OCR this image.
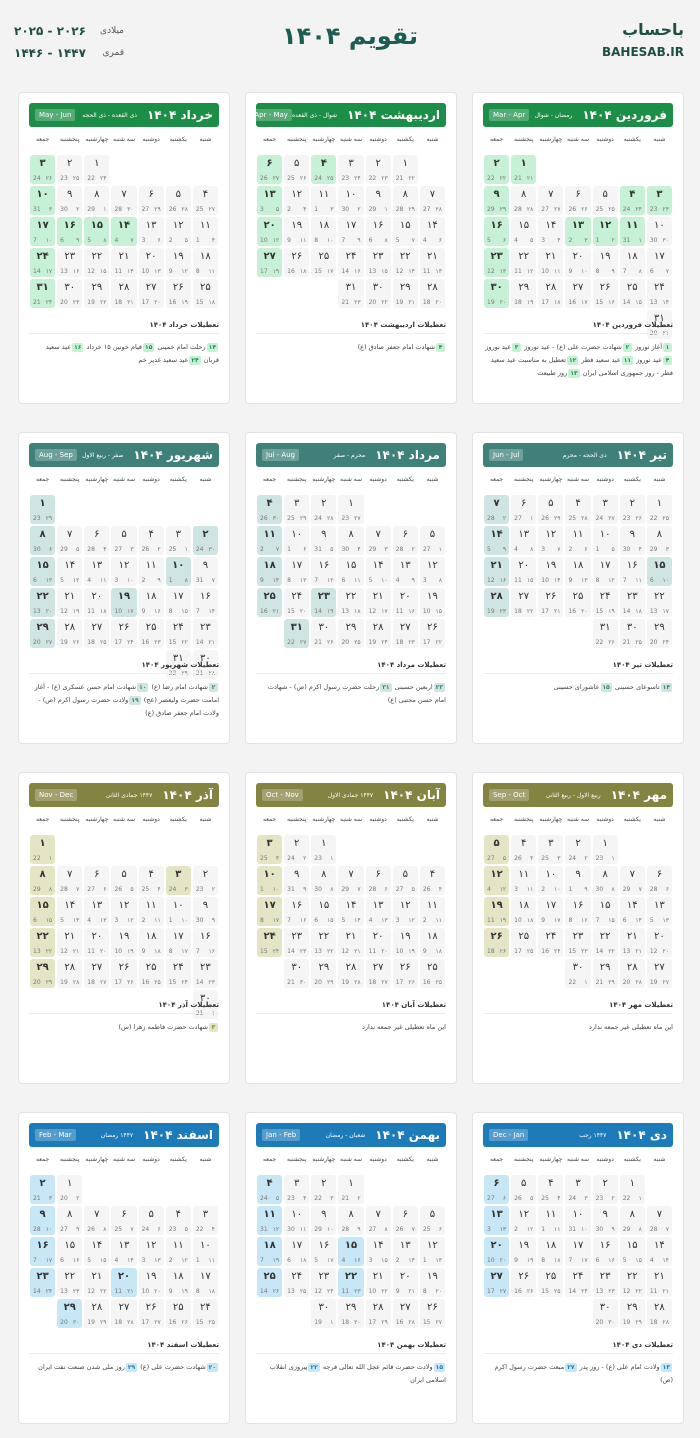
باحساب
BAHESAB.IR
تقویم ۱۴۰۴
۲۰۲۵ - ۲۰۲۶ میلادی
۱۴۴۶ - ۱۴۴۷ قمری
فروردین ۱۴۰۴
رمضان - شوال
Mar - Apr
شنبه
یکشنبه
دوشنبه
سه شنبه
چهارشنبه
پنجشنبه
جمعه
۱
۲۱
21
۲
۲۲
22
۳
۲۳
23
۴
۲۴
24
۵
۲۵
25
۶
۲۶
26
۷
۲۷
27
۸
۲۸
28
۹
۲۹
29
۱۰
۳۰
30
۱۱
۱
31
۱۲
۲
1
۱۳
۳
2
۱۴
۴
3
۱۵
۵
4
۱۶
۶
5
۱۷
۷
6
۱۸
۸
7
۱۹
۹
8
۲۰
۱۰
9
۲۱
۱۱
10
۲۲
۱۲
11
۲۳
۱۳
12
۲۴
۱۴
13
۲۵
۱۵
14
۲۶
۱۶
15
۲۷
۱۷
16
۲۸
۱۸
17
۲۹
۱۹
18
۳۰
۲۰
19
۳۱
۲۱
20
تعطیلات فروردین ۱۴۰۴
۱آغاز نوروز ۲شهادت حضرت علی (ع) - عید نوروز ۳عید نوروز ۴عید نوروز ۱۱عید سعید فطر ۱۲تعطیل به مناسبت عید سعید فطر - روز جمهوری اسلامی ایران ۱۳روز طبیعت
اردیبهشت ۱۴۰۴
شوال - ذی القعده
Apr - May
شنبه
یکشنبه
دوشنبه
سه شنبه
چهارشنبه
پنجشنبه
جمعه
۱
۲۲
21
۲
۲۳
22
۳
۲۴
23
۴
۲۵
24
۵
۲۶
25
۶
۲۷
26
۷
۲۸
27
۸
۲۹
28
۹
۱
29
۱۰
۲
30
۱۱
۳
1
۱۲
۴
2
۱۳
۵
3
۱۴
۶
4
۱۵
۷
5
۱۶
۸
6
۱۷
۹
7
۱۸
۱۰
8
۱۹
۱۱
9
۲۰
۱۲
10
۲۱
۱۳
11
۲۲
۱۴
12
۲۳
۱۵
13
۲۴
۱۶
14
۲۵
۱۷
15
۲۶
۱۸
16
۲۷
۱۹
17
۲۸
۲۰
18
۲۹
۲۱
19
۳۰
۲۲
20
۳۱
۲۳
21
تعطیلات اردیبهشت ۱۴۰۴
۴شهادت امام جعفر صادق (ع)
خرداد ۱۴۰۴
ذی القعده - ذی الحجه
May - Jun
شنبه
یکشنبه
دوشنبه
سه شنبه
چهارشنبه
پنجشنبه
جمعه
۱
۲۴
22
۲
۲۵
23
۳
۲۶
24
۴
۲۷
25
۵
۲۸
26
۶
۲۹
27
۷
۳۰
28
۸
۱
29
۹
۲
30
۱۰
۳
31
۱۱
۴
1
۱۲
۵
2
۱۳
۶
3
۱۴
۷
4
۱۵
۸
5
۱۶
۹
6
۱۷
۱۰
7
۱۸
۱۱
8
۱۹
۱۲
9
۲۰
۱۳
10
۲۱
۱۴
11
۲۲
۱۵
12
۲۳
۱۶
13
۲۴
۱۷
14
۲۵
۱۸
15
۲۶
۱۹
16
۲۷
۲۰
17
۲۸
۲۱
18
۲۹
۲۲
19
۳۰
۲۳
20
۳۱
۲۴
21
تعطیلات خرداد ۱۴۰۴
۱۴رحلت امام خمینی ۱۵قیام خونین ۱۵ خرداد ۱۶عید سعید قربان ۲۴عید سعید غدیر خم
تیر ۱۴۰۴
ذی الحجه - محرم
Jun - Jul
شنبه
یکشنبه
دوشنبه
سه شنبه
چهارشنبه
پنجشنبه
جمعه
۱
۲۵
22
۲
۲۶
23
۳
۲۷
24
۴
۲۸
25
۵
۲۹
26
۶
۱
27
۷
۲
28
۸
۳
29
۹
۴
30
۱۰
۵
1
۱۱
۶
2
۱۲
۷
3
۱۳
۸
4
۱۴
۹
5
۱۵
۱۰
6
۱۶
۱۱
7
۱۷
۱۲
8
۱۸
۱۳
9
۱۹
۱۴
10
۲۰
۱۵
11
۲۱
۱۶
12
۲۲
۱۷
13
۲۳
۱۸
14
۲۴
۱۹
15
۲۵
۲۰
16
۲۶
۲۱
17
۲۷
۲۲
18
۲۸
۲۳
19
۲۹
۲۴
20
۳۰
۲۵
21
۳۱
۲۶
22
تعطیلات تیر ۱۴۰۴
۱۴تاسوعای حسینی ۱۵عاشورای حسینی
مرداد ۱۴۰۴
محرم - صفر
Jul - Aug
شنبه
یکشنبه
دوشنبه
سه شنبه
چهارشنبه
پنجشنبه
جمعه
۱
۲۷
23
۲
۲۸
24
۳
۲۹
25
۴
۳۰
26
۵
۱
27
۶
۲
28
۷
۳
29
۸
۴
30
۹
۵
31
۱۰
۶
1
۱۱
۷
2
۱۲
۸
3
۱۳
۹
4
۱۴
۱۰
5
۱۵
۱۱
6
۱۶
۱۲
7
۱۷
۱۳
8
۱۸
۱۴
9
۱۹
۱۵
10
۲۰
۱۶
11
۲۱
۱۷
12
۲۲
۱۸
13
۲۳
۱۹
14
۲۴
۲۰
15
۲۵
۲۱
16
۲۶
۲۲
17
۲۷
۲۳
18
۲۸
۲۴
19
۲۹
۲۵
20
۳۰
۲۶
21
۳۱
۲۷
22
تعطیلات مرداد ۱۴۰۴
۲۳اربعین حسینی ۳۱رحلت حضرت رسول اکرم (ص) - شهادت امام حسن مجتبی (ع)
شهریور ۱۴۰۴
صفر - ربیع الاول
Aug - Sep
شنبه
یکشنبه
دوشنبه
سه شنبه
چهارشنبه
پنجشنبه
جمعه
۱
۲۹
23
۲
۳۰
24
۳
۱
25
۴
۲
26
۵
۳
27
۶
۴
28
۷
۵
29
۸
۶
30
۹
۷
31
۱۰
۸
1
۱۱
۹
2
۱۲
۱۰
3
۱۳
۱۱
4
۱۴
۱۲
5
۱۵
۱۳
6
۱۶
۱۴
7
۱۷
۱۵
8
۱۸
۱۶
9
۱۹
۱۷
10
۲۰
۱۸
11
۲۱
۱۹
12
۲۲
۲۰
13
۲۳
۲۱
14
۲۴
۲۲
15
۲۵
۲۳
16
۲۶
۲۴
17
۲۷
۲۵
18
۲۸
۲۶
19
۲۹
۲۷
20
۳۰
۲۸
21
۳۱
۲۹
22
تعطیلات شهریور ۱۴۰۴
۲شهادت امام رضا (ع) ۱۰شهادت امام حسن عسکری (ع) - آغاز امامت حضرت ولیعصر (عج) ۱۹ولادت حضرت رسول اکرم (ص) - ولادت امام جعفر صادق (ع)
مهر ۱۴۰۴
ربیع الاول - ربیع الثانی
Sep - Oct
شنبه
یکشنبه
دوشنبه
سه شنبه
چهارشنبه
پنجشنبه
جمعه
۱
۱
23
۲
۲
24
۳
۳
25
۴
۴
26
۵
۵
27
۶
۶
28
۷
۷
29
۸
۸
30
۹
۹
1
۱۰
۱۰
2
۱۱
۱۱
3
۱۲
۱۲
4
۱۳
۱۳
5
۱۴
۱۴
6
۱۵
۱۵
7
۱۶
۱۶
8
۱۷
۱۷
9
۱۸
۱۸
10
۱۹
۱۹
11
۲۰
۲۰
12
۲۱
۲۱
13
۲۲
۲۲
14
۲۳
۲۳
15
۲۴
۲۴
16
۲۵
۲۵
17
۲۶
۲۶
18
۲۷
۲۷
19
۲۸
۲۸
20
۲۹
۲۹
21
۳۰
۱
22
تعطیلات مهر ۱۴۰۴
این ماه تعطیلی غیر جمعه ندارد
آبان ۱۴۰۴
۱۴۴۷ جمادی الاول
Oct - Nov
شنبه
یکشنبه
دوشنبه
سه شنبه
چهارشنبه
پنجشنبه
جمعه
۱
۱
23
۲
۲
24
۳
۳
25
۴
۴
26
۵
۵
27
۶
۶
28
۷
۷
29
۸
۸
30
۹
۹
31
۱۰
۱۰
1
۱۱
۱۱
2
۱۲
۱۲
3
۱۳
۱۳
4
۱۴
۱۴
5
۱۵
۱۵
6
۱۶
۱۶
7
۱۷
۱۷
8
۱۸
۱۸
9
۱۹
۱۹
10
۲۰
۲۰
11
۲۱
۲۱
12
۲۲
۲۲
13
۲۳
۲۳
14
۲۴
۲۴
15
۲۵
۲۵
16
۲۶
۲۶
17
۲۷
۲۷
18
۲۸
۲۸
19
۲۹
۲۹
20
۳۰
۳۰
21
تعطیلات آبان ۱۴۰۴
این ماه تعطیلی غیر جمعه ندارد
آذر ۱۴۰۴
۱۴۴۷ جمادی الثانی
Nov - Dec
شنبه
یکشنبه
دوشنبه
سه شنبه
چهارشنبه
پنجشنبه
جمعه
۱
۱
22
۲
۲
23
۳
۳
24
۴
۴
25
۵
۵
26
۶
۶
27
۷
۷
28
۸
۸
29
۹
۹
30
۱۰
۱۰
1
۱۱
۱۱
2
۱۲
۱۲
3
۱۳
۱۳
4
۱۴
۱۴
5
۱۵
۱۵
6
۱۶
۱۶
7
۱۷
۱۷
8
۱۸
۱۸
9
۱۹
۱۹
10
۲۰
۲۰
11
۲۱
۲۱
12
۲۲
۲۲
13
۲۳
۲۳
14
۲۴
۲۴
15
۲۵
۲۵
16
۲۶
۲۶
17
۲۷
۲۷
18
۲۸
۲۸
19
۲۹
۲۹
20
۳۰
۱
21
تعطیلات آذر ۱۴۰۴
۳شهادت حضرت فاطمه زهرا (س)
دی ۱۴۰۴
۱۴۴۷ رجب
Dec - Jan
شنبه
یکشنبه
دوشنبه
سه شنبه
چهارشنبه
پنجشنبه
جمعه
۱
۱
22
۲
۲
23
۳
۳
24
۴
۴
25
۵
۵
26
۶
۶
27
۷
۷
28
۸
۸
29
۹
۹
30
۱۰
۱۰
31
۱۱
۱۱
1
۱۲
۱۲
2
۱۳
۱۳
3
۱۴
۱۴
4
۱۵
۱۵
5
۱۶
۱۶
6
۱۷
۱۷
7
۱۸
۱۸
8
۱۹
۱۹
9
۲۰
۲۰
10
۲۱
۲۱
11
۲۲
۲۲
12
۲۳
۲۳
13
۲۴
۲۴
14
۲۵
۲۵
15
۲۶
۲۶
16
۲۷
۲۷
17
۲۸
۲۸
18
۲۹
۲۹
19
۳۰
۳۰
20
تعطیلات دی ۱۴۰۴
۱۳ولادت امام علی (ع) - روز پدر ۲۷مبعث حضرت رسول اکرم (ص)
بهمن ۱۴۰۴
شعبان - رمضان
Jan - Feb
شنبه
یکشنبه
دوشنبه
سه شنبه
چهارشنبه
پنجشنبه
جمعه
۱
۲
21
۲
۳
22
۳
۴
23
۴
۵
24
۵
۶
25
۶
۷
26
۷
۸
27
۸
۹
28
۹
۱۰
29
۱۰
۱۱
30
۱۱
۱۲
31
۱۲
۱۳
1
۱۳
۱۴
2
۱۴
۱۵
3
۱۵
۱۶
4
۱۶
۱۷
5
۱۷
۱۸
6
۱۸
۱۹
7
۱۹
۲۰
8
۲۰
۲۱
9
۲۱
۲۲
10
۲۲
۲۳
11
۲۳
۲۴
12
۲۴
۲۵
13
۲۵
۲۶
14
۲۶
۲۷
15
۲۷
۲۸
16
۲۸
۲۹
17
۲۹
۳۰
18
۳۰
۱
19
تعطیلات بهمن ۱۴۰۴
۱۵ولادت حضرت قائم عجل الله تعالی فرجه ۲۲پیروزی انقلاب اسلامی ایران
اسفند ۱۴۰۴
۱۴۴۷ رمضان
Feb - Mar
شنبه
یکشنبه
دوشنبه
سه شنبه
چهارشنبه
پنجشنبه
جمعه
۱
۲
20
۲
۳
21
۳
۴
22
۴
۵
23
۵
۶
24
۶
۷
25
۷
۸
26
۸
۹
27
۹
۱۰
28
۱۰
۱۱
1
۱۱
۱۲
2
۱۲
۱۳
3
۱۳
۱۴
4
۱۴
۱۵
5
۱۵
۱۶
6
۱۶
۱۷
7
۱۷
۱۸
8
۱۸
۱۹
9
۱۹
۲۰
10
۲۰
۲۱
11
۲۱
۲۲
12
۲۲
۲۳
13
۲۳
۲۴
14
۲۴
۲۵
15
۲۵
۲۶
16
۲۶
۲۷
17
۲۷
۲۸
18
۲۸
۲۹
19
۲۹
۳۰
20
تعطیلات اسفند ۱۴۰۴
۲۰شهادت حضرت علی (ع) ۲۹روز ملی شدن صنعت نفت ایران
